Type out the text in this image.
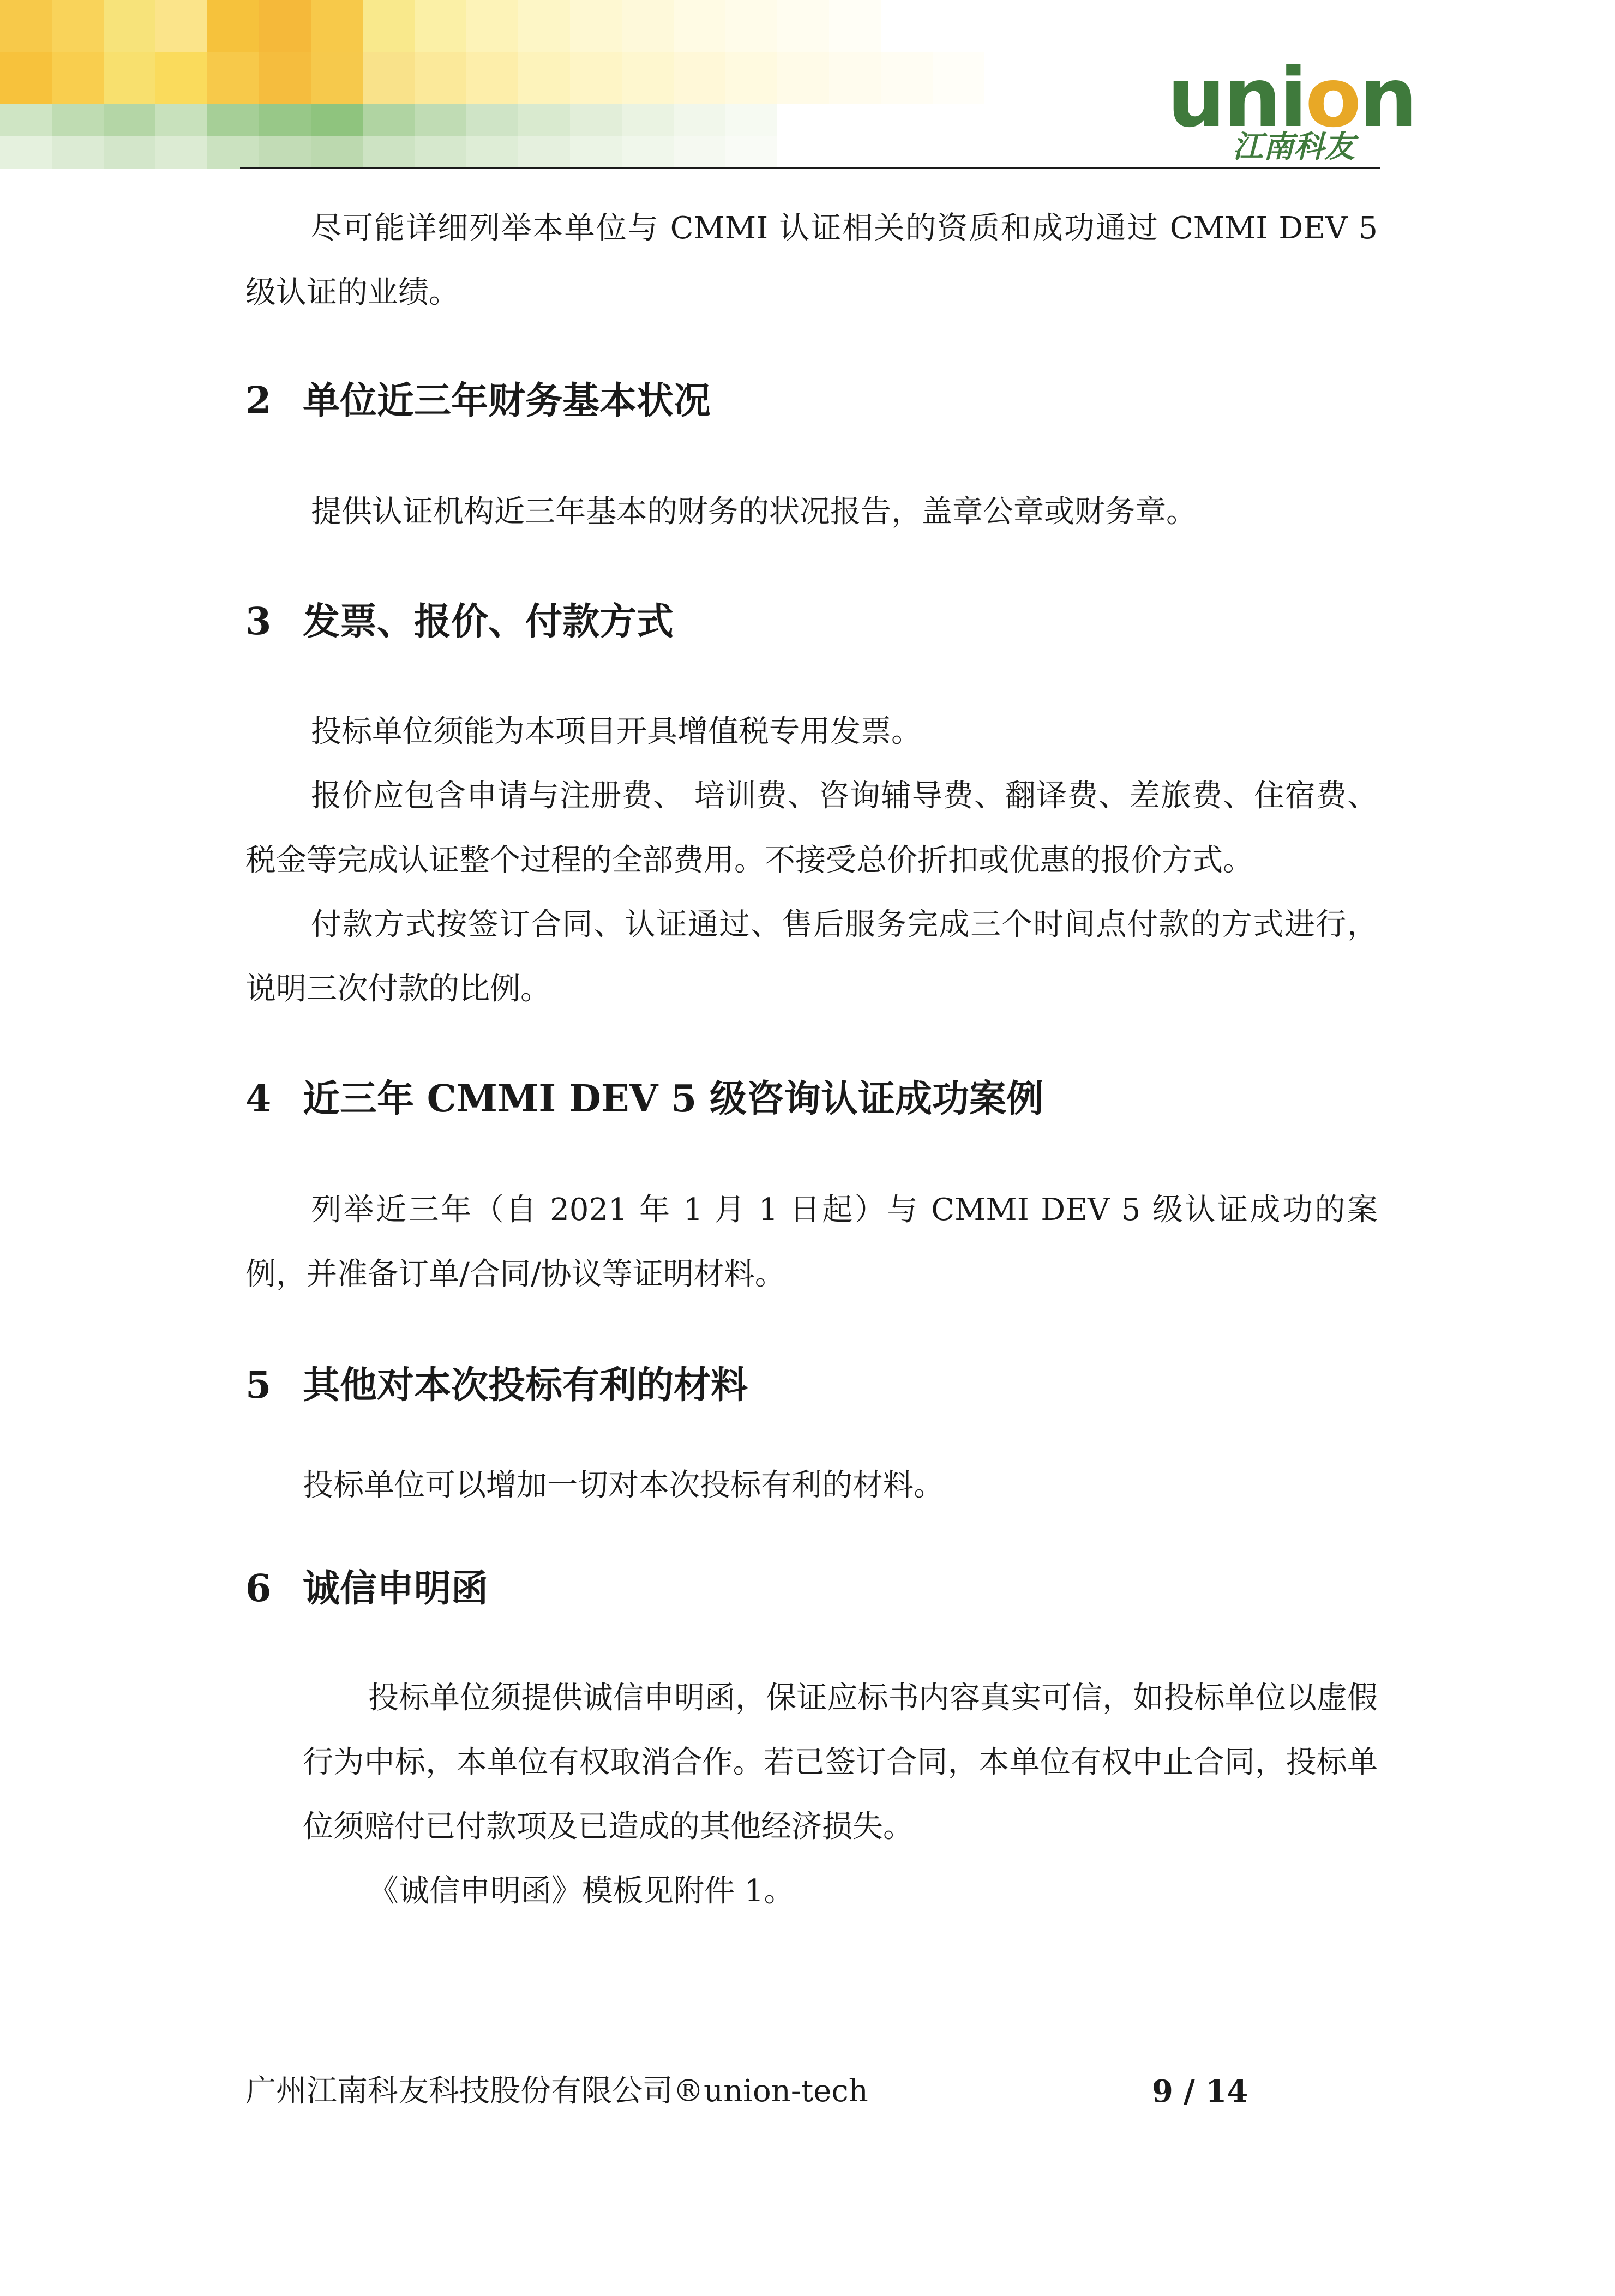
union
江南科友

尽可能详细列举本单位与 CMMI 认证相关的资质和成功通过 CMMI DEV 5 级认证的业绩。

2 单位近三年财务基本状况

提供认证机构近三年基本的财务的状况报告，盖章公章或财务章。

3 发票、报价、付款方式

投标单位须能为本项目开具增值税专用发票。

报价应包含申请与注册费、 培训费、咨询辅导费、翻译费、差旅费、住宿费、税金等完成认证整个过程的全部费用。不接受总价折扣或优惠的报价方式。

付款方式按签订合同、认证通过、售后服务完成三个时间点付款的方式进行，说明三次付款的比例。

4 近三年 CMMI DEV 5 级咨询认证成功案例

列举近三年（自 2021 年 1 月 1 日起）与 CMMI DEV 5 级认证成功的案例，并准备订单/合同/协议等证明材料。

5 其他对本次投标有利的材料

投标单位可以增加一切对本次投标有利的材料。

6 诚信申明函

投标单位须提供诚信申明函，保证应标书内容真实可信，如投标单位以虚假行为中标，本单位有权取消合作。若已签订合同，本单位有权中止合同，投标单位须赔付已付款项及已造成的其他经济损失。

《诚信申明函》模板见附件 1。

广州江南科友科技股份有限公司®union-tech	9 / 14
